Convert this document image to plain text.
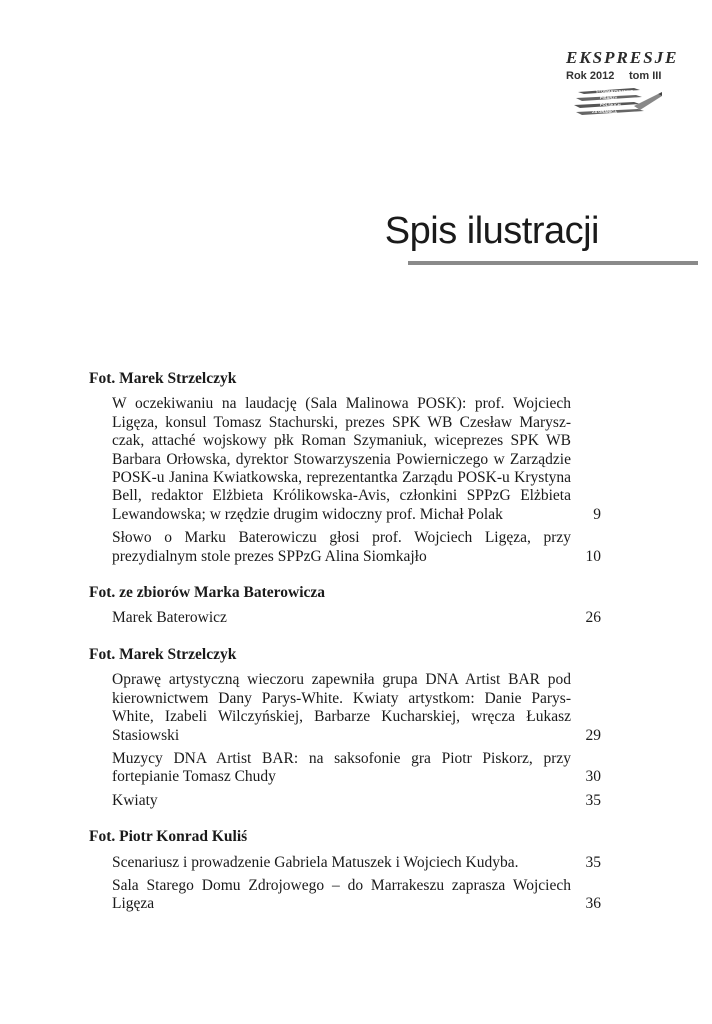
EKSPRESJE
Rok 2012 tom III
STOWARZYSZENIE
PISARZY
POLSKICH
ZA GRANICĄ
Spis ilustracji
Fot. Marek Strzelczyk
W oczekiwaniu na laudację (Sala Malinowa POSK): prof. Wojciech Ligęza, konsul Tomasz Stachurski, prezes SPK WB Czesław Maryszczak, attaché wojskowy płk Roman Szymaniuk, wiceprezes SPK WB Barbara Orłowska, dyrektor Stowarzyszenia Powierniczego w Zarządzie POSK-u Janina Kwiatkowska, reprezentantka Zarządu POSK-u Krystyna Bell, redaktor Elżbieta Królikowska-Avis, członkini SPPzG Elżbieta Lewandowska; w rzędzie drugim widoczny prof. Michał Polak	9
Słowo o Marku Baterowiczu głosi prof. Wojciech Ligęza, przy prezydialnym stole prezes SPPzG Alina Siomkajło	10
Fot. ze zbiorów Marka Baterowicza
Marek Baterowicz	26
Fot. Marek Strzelczyk
Oprawę artystyczną wieczoru zapewniła grupa DNA Artist BAR pod kierownictwem Dany Parys-White. Kwiaty artystkom: Danie Parys-White, Izabeli Wilczyńskiej, Barbarze Kucharskiej, wręcza Łukasz Stasiowski	29
Muzycy DNA Artist BAR: na saksofonie gra Piotr Piskorz, przy fortepianie Tomasz Chudy	30
Kwiaty	35
Fot. Piotr Konrad Kuliś
Scenariusz i prowadzenie Gabriela Matuszek i Wojciech Kudyba.	35
Sala Starego Domu Zdrojowego – do Marrakeszu zaprasza Wojciech Ligęza	36
